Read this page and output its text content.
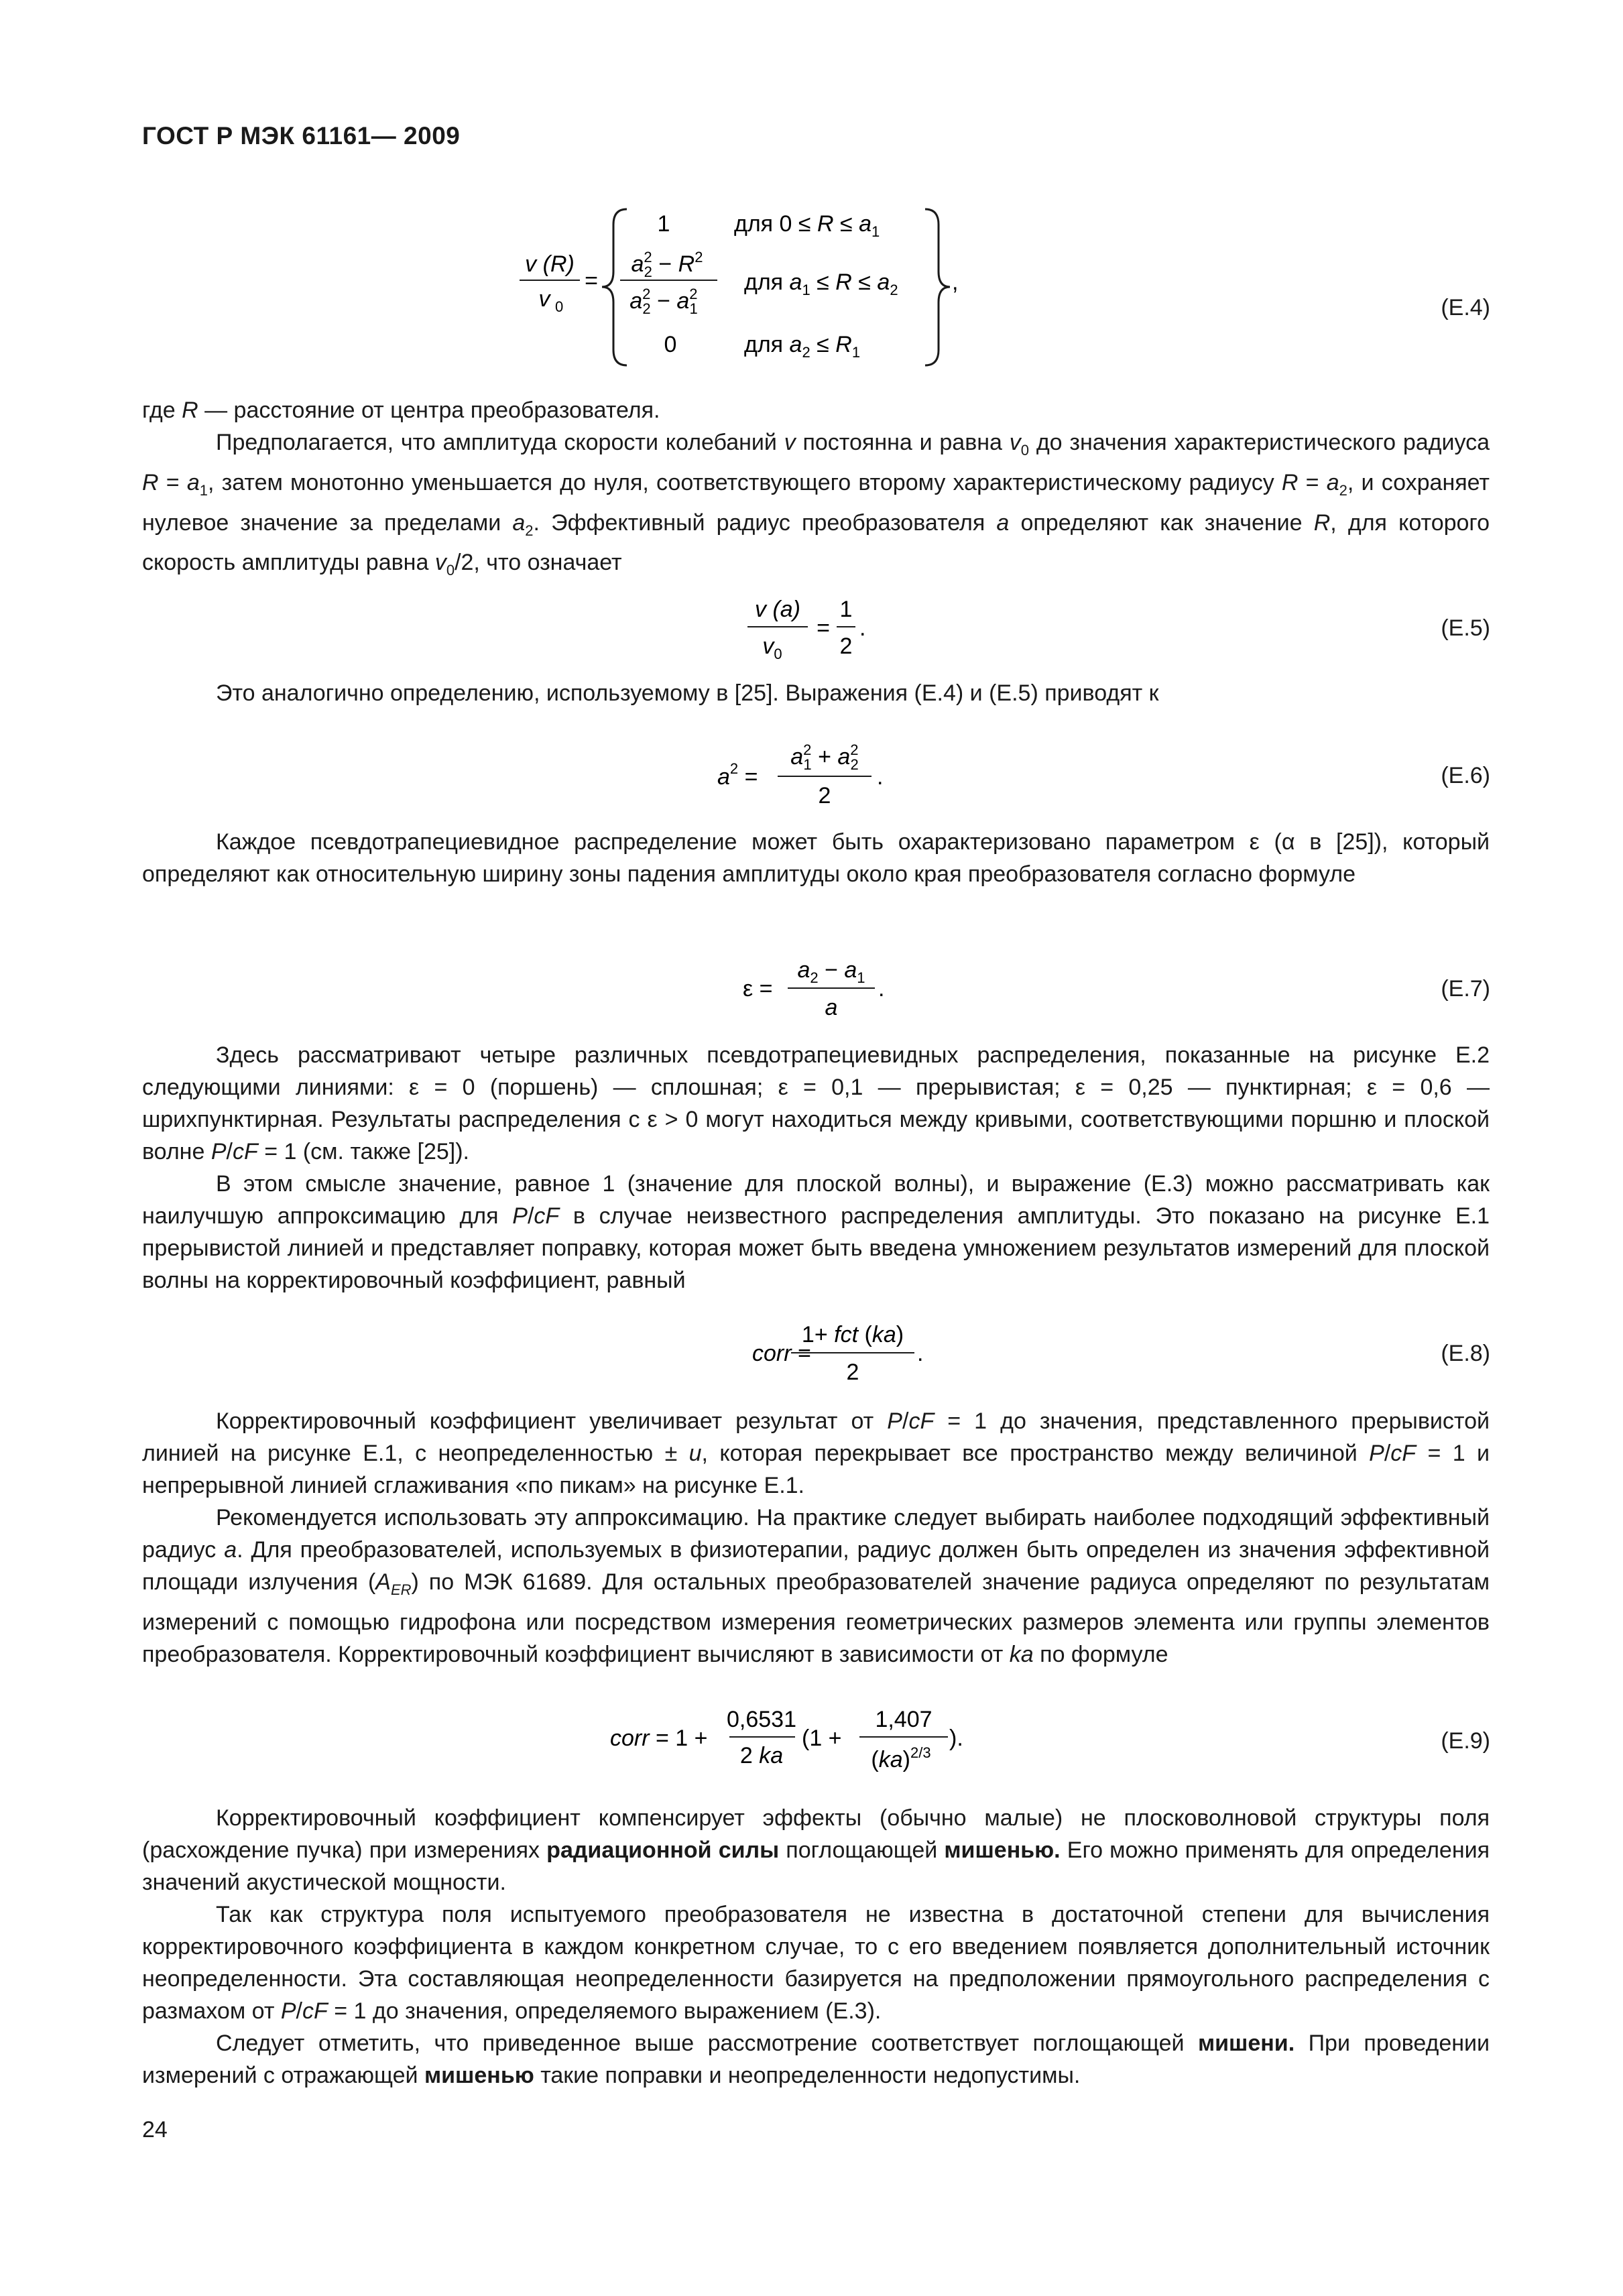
ГОСТ Р МЭК 61161— 2009
v (R)
v 0
=
1	для $0 \le R \le a_1$
$a^2$ $2 - R^2$
$a^2$ $2 - a^2$ 1
для $a_1 \le R \le a_2$
0	для $a_2 \le R_1$
,
(E.4)

где R — расстояние от центра преобразователя.

Предполагается, что амплитуда скорости колебаний v постоянна и равна $v_0$ до значения характеристического радиуса $R = a_1$, затем монотонно уменьшается до нуля, соответствующего второму характеристическому радиусу $R = a_2$, и сохраняет нулевое значение за пределами $a_2$. Эффективный радиус преобразователя a определяют как значение R, для которого скорость амплитуды равна $v_0/2$, что означает

v (a)
$v_0$
=
1
2
.	(E.5)

Это аналогично определению, используемому в [25]. Выражения (E.4) и (E.5) приводят к

$a^2$ =
$a^2$ $1 + a^2$ 2
2
.	(E.6)

Каждое псевдотрапециевидное распределение может быть охарактеризовано параметром ε (α в [25]), который определяют как относительную ширину зоны падения амплитуды около края преобразователя согласно формуле

ε =
$a_2 - a_1$
a
.	(E.7)

Здесь рассматривают четыре различных псевдотрапециевидных распределения, показанные на рисунке E.2 следующими линиями: ε = 0 (поршень) — сплошная; ε = 0,1 — прерывистая; ε = 0,25 — пунктирная; ε = 0,6 — шрихпунктирная. Результаты распределения с ε > 0 могут находиться между кривыми, соответствующими поршню и плоской волне P/cF = 1 (см. также [25]).

В этом смысле значение, равное 1 (значение для плоской волны), и выражение (E.3) можно рассматривать как наилучшую аппроксимацию для P/cF в случае неизвестного распределения амплитуды. Это показано на рисунке E.1 прерывистой линией и представляет поправку, которая может быть введена умножением результатов измерений для плоской волны на корректировочный коэффициент, равный

corr =
1+ fct (ka)
2
.	(E.8)

Корректировочный коэффициент увеличивает результат от P/cF = 1 до значения, представленного прерывистой линией на рисунке E.1, с неопределенностью ± u, которая перекрывает все пространство между величиной P/cF = 1 и непрерывной линией сглаживания «по пикам» на рисунке E.1.

Рекомендуется использовать эту аппроксимацию. На практике следует выбирать наиболее подходящий эффективный радиус a. Для преобразователей, используемых в физиотерапии, радиус должен быть определен из значения эффективной площади излучения $(A_{ER})$ по МЭК 61689. Для остальных преобразователей значение радиуса определяют по результатам измерений с помощью гидрофона или посредством измерения геометрических размеров элемента или группы элементов преобразователя. Корректировочный коэффициент вычисляют в зависимости от ka по формуле

corr = 1 +
0,6531
2 ka
(1 +
1,407
(ka)$^{2/3}$
).	(E.9)

Корректировочный коэффициент компенсирует эффекты (обычно малые) не плосковолновой структуры поля (расхождение пучка) при измерениях радиационной силы поглощающей мишенью. Его можно применять для определения значений акустической мощности.

Так как структура поля испытуемого преобразователя не известна в достаточной степени для вычисления корректировочного коэффициента в каждом конкретном случае, то с его введением появляется дополнительный источник неопределенности. Эта составляющая неопределенности базируется на предположении прямоугольного распределения с размахом от P/cF = 1 до значения, определяемого выражением (E.3).

Следует отметить, что приведенное выше рассмотрение соответствует поглощающей мишени. При проведении измерений с отражающей мишенью такие поправки и неопределенности недопустимы.

24
